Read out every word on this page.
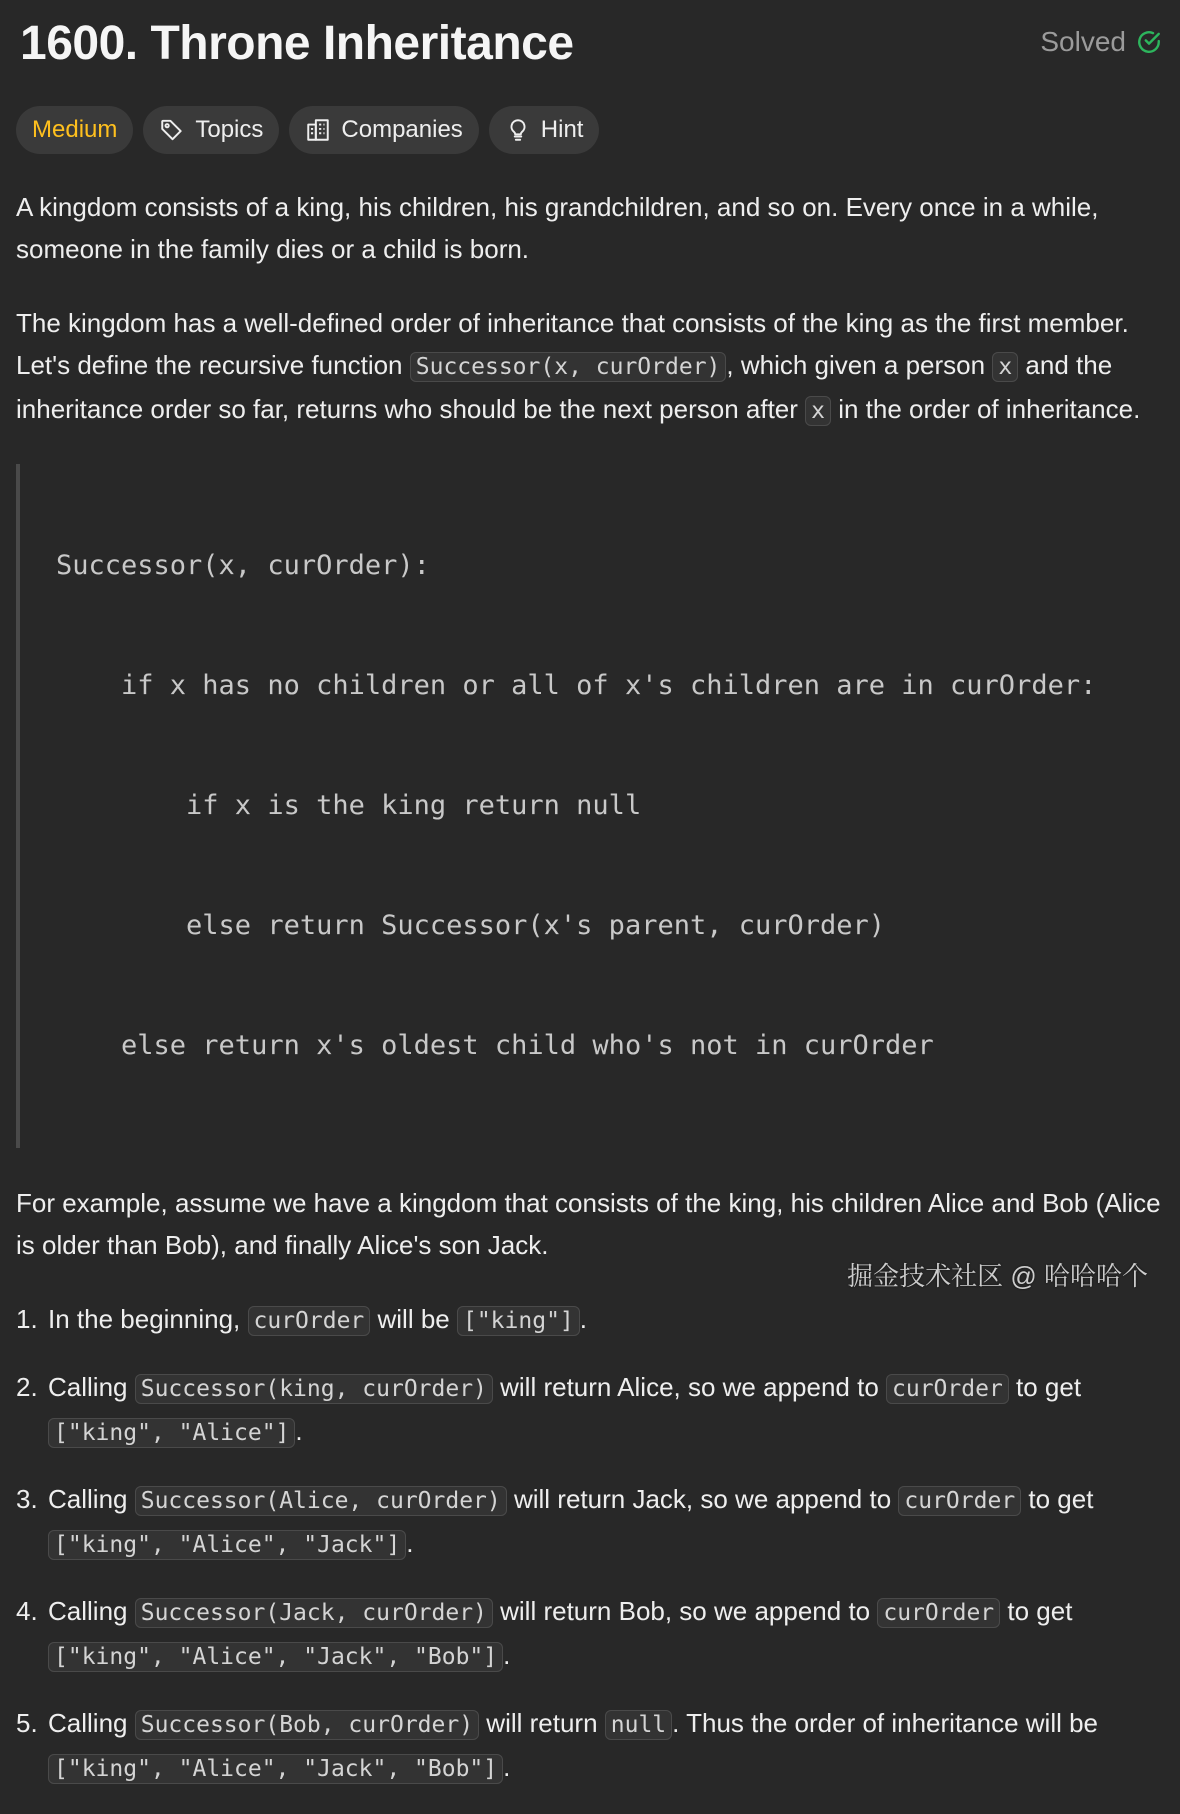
1600. Throne Inheritance	Solved
Medium	Topics	Companies	Hint

A kingdom consists of a king, his children, his grandchildren, and so on. Every once in a while, someone in the family dies or a child is born.

The kingdom has a well-defined order of inheritance that consists of the king as the first member. Let's define the recursive function Successor(x, curOrder) , which given a person x and the inheritance order so far, returns who should be the next person after x in the order of inheritance.

Successor(x, curOrder):

if x has no children or all of x's children are in curOrder:

if x is the king return null

else return Successor(x's parent, curOrder)

else return x's oldest child who's not in curOrder

For example, assume we have a kingdom that consists of the king, his children Alice and Bob (Alice is older than Bob), and finally Alice's son Jack.

1. In the beginning, curOrder will be ["king"] .
2. Calling Successor(king, curOrder) will return Alice, so we append to curOrder to get ["king", "Alice"] .
3. Calling Successor(Alice, curOrder) will return Jack, so we append to curOrder to get ["king", "Alice", "Jack"] .
4. Calling Successor(Jack, curOrder) will return Bob, so we append to curOrder to get ["king", "Alice", "Jack", "Bob"] .
5. Calling Successor(Bob, curOrder) will return null . Thus the order of inheritance will be ["king", "Alice", "Jack", "Bob"] .
掘金技术社区 @ 哈哈哈个
